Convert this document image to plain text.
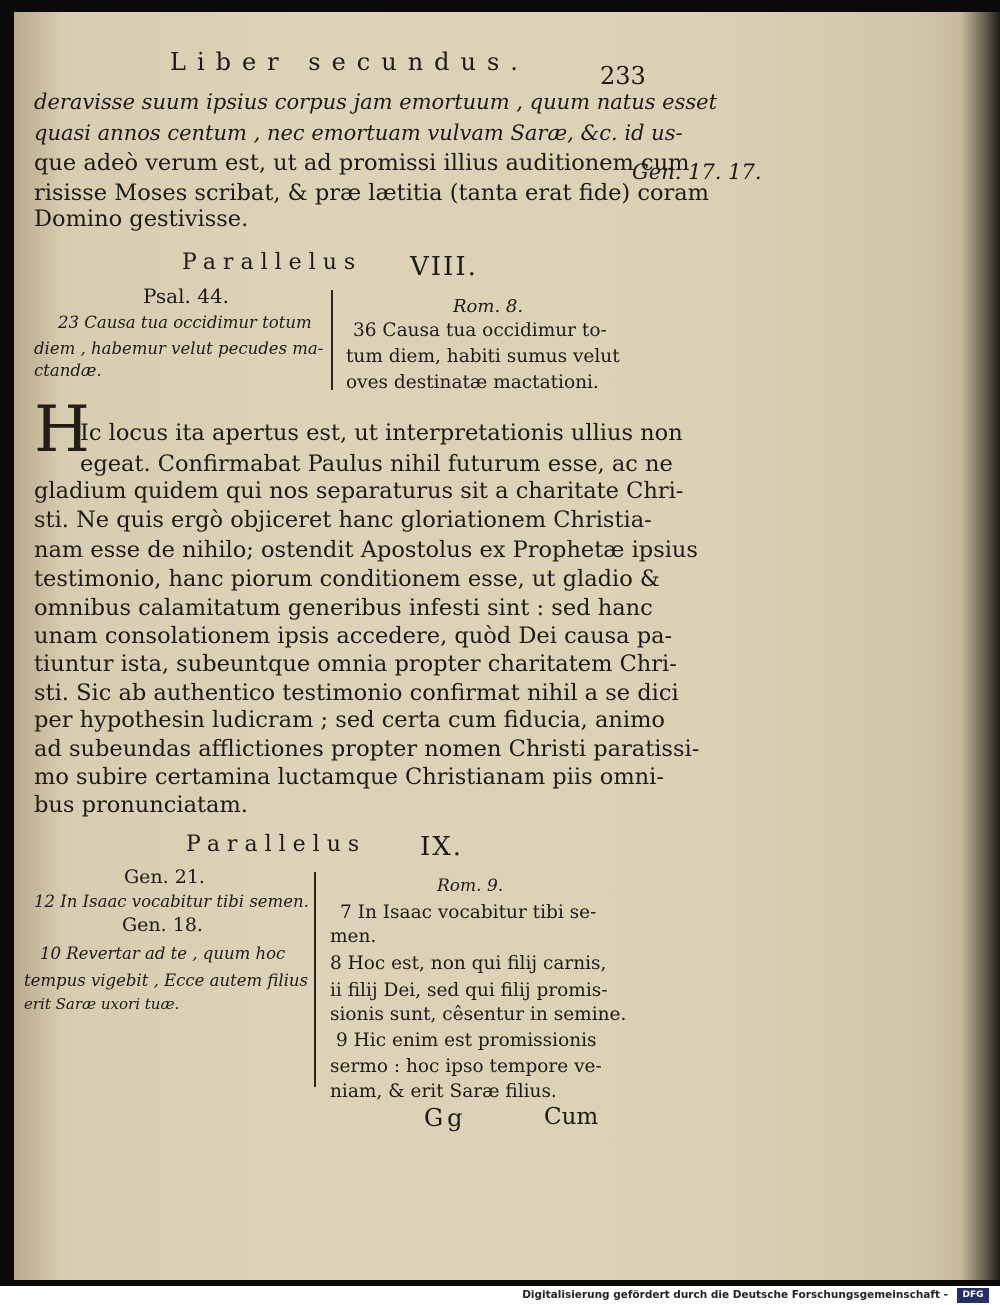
Liber secundus.	233
deravisse suum ipsius corpus jam emortuum , quum natus esset
quasi annos centum , nec emortuam vulvam Saræ, &c. id us-
que adeò verum est, ut ad promissi illius auditionem cum
risisse Moses scribat, & præ lætitia (tanta erat fide) coram
Domino gestivisse.
Gen. 17. 17.
Parallelus VIII.
Psal. 44.
23 Causa tua occidimur totum
diem , habemur velut pecudes ma-
ctandæ.
Rom. 8.
36 Causa tua occidimur to-
tum diem, habiti sumus velut
oves destinatæ mactationi.
H
Ic locus ita apertus est, ut interpretationis ullius non
egeat. Confirmabat Paulus nihil futurum esse, ac ne
gladium quidem qui nos separaturus sit a charitate Chri-
sti. Ne quis ergò objiceret hanc gloriationem Christia-
nam esse de nihilo; ostendit Apostolus ex Prophetæ ipsius
testimonio, hanc piorum conditionem esse, ut gladio &
omnibus calamitatum generibus infesti sint : sed hanc
unam consolationem ipsis accedere, quòd Dei causa pa-
tiuntur ista, subeuntque omnia propter charitatem Chri-
sti. Sic ab authentico testimonio confirmat nihil a se dici
per hypothesin ludicram ; sed certa cum fiducia, animo
ad subeundas afflictiones propter nomen Christi paratissi-
mo subire certamina luctamque Christianam piis omni-
bus pronunciatam.
Parallelus IX.
Gen. 21.
12 In Isaac vocabitur tibi semen.
Gen. 18.
10 Revertar ad te , quum hoc
tempus vigebit , Ecce autem filius
erit Saræ uxori tuæ.
Rom. 9.
7 In Isaac vocabitur tibi se-
men.
8 Hoc est, non qui filij carnis,
ii filij Dei, sed qui filij promis-
sionis sunt, cêsentur in semine.
9 Hic enim est promissionis
sermo : hoc ipso tempore ve-
niam, & erit Saræ filius.
Gg	Cum
Digitalisierung gefördert durch die Deutsche Forschungsgemeinschaft -	DFG
